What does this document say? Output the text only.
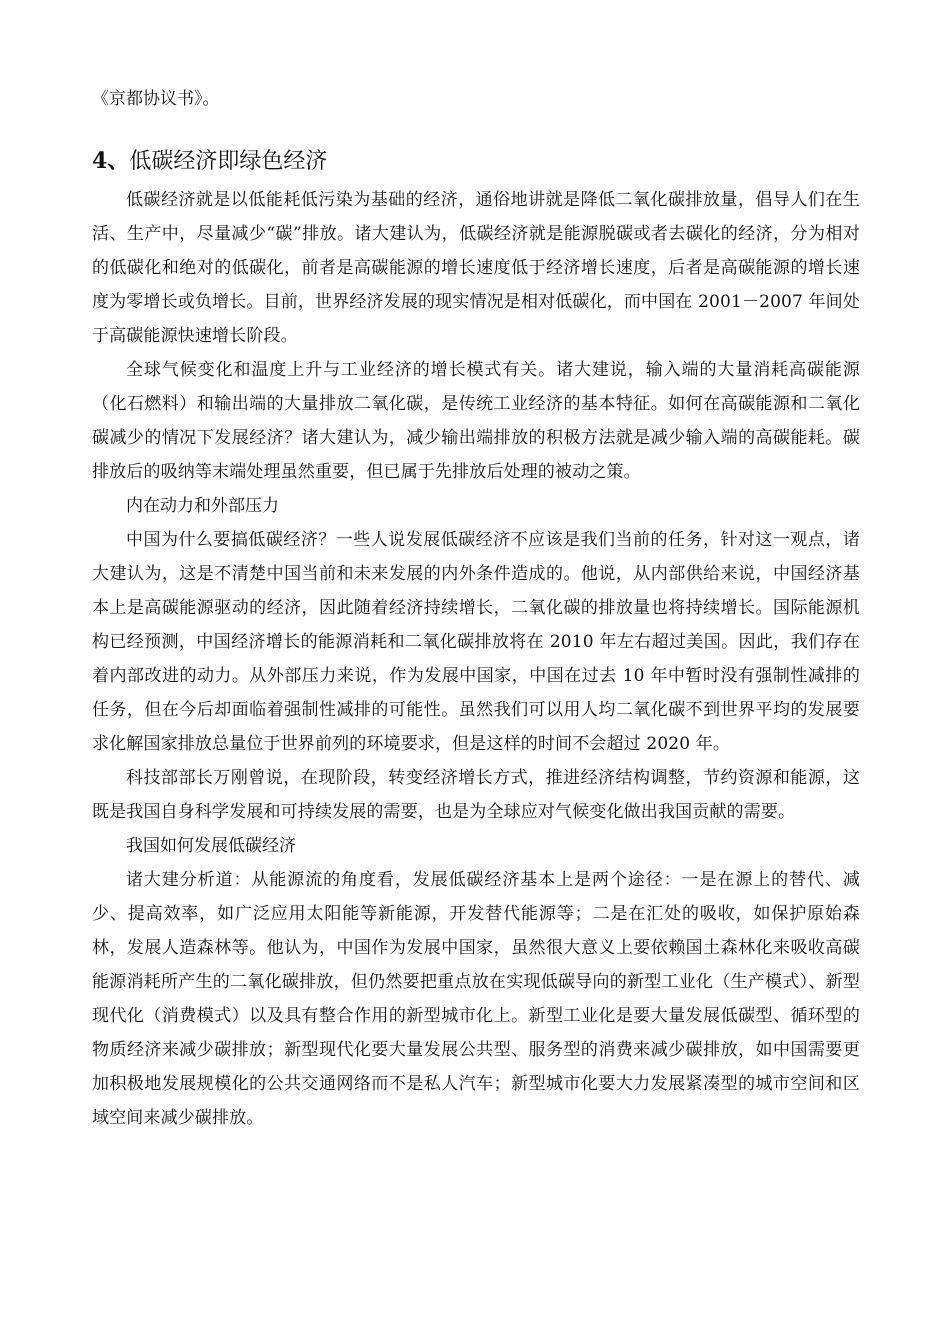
《京都协议书》。

4、低碳经济即绿色经济

低碳经济就是以低能耗低污染为基础的经济，通俗地讲就是降低二氧化碳排放量，倡导人们在生活、生产中，尽量减少“碳”排放。诸大建认为，低碳经济就是能源脱碳或者去碳化的经济，分为相对的低碳化和绝对的低碳化，前者是高碳能源的增长速度低于经济增长速度，后者是高碳能源的增长速度为零增长或负增长。目前，世界经济发展的现实情况是相对低碳化，而中国在 2001－2007 年间处于高碳能源快速增长阶段。

全球气候变化和温度上升与工业经济的增长模式有关。诸大建说，输入端的大量消耗高碳能源（化石燃料）和输出端的大量排放二氧化碳，是传统工业经济的基本特征。如何在高碳能源和二氧化碳减少的情况下发展经济？诸大建认为，减少输出端排放的积极方法就是减少输入端的高碳能耗。碳排放后的吸纳等末端处理虽然重要，但已属于先排放后处理的被动之策。

内在动力和外部压力

中国为什么要搞低碳经济？一些人说发展低碳经济不应该是我们当前的任务，针对这一观点，诸大建认为，这是不清楚中国当前和未来发展的内外条件造成的。他说，从内部供给来说，中国经济基本上是高碳能源驱动的经济，因此随着经济持续增长，二氧化碳的排放量也将持续增长。国际能源机构已经预测，中国经济增长的能源消耗和二氧化碳排放将在 2010 年左右超过美国。因此，我们存在着内部改进的动力。从外部压力来说，作为发展中国家，中国在过去 10 年中暂时没有强制性减排的任务，但在今后却面临着强制性减排的可能性。虽然我们可以用人均二氧化碳不到世界平均的发展要求化解国家排放总量位于世界前列的环境要求，但是这样的时间不会超过 2020 年。

科技部部长万刚曾说，在现阶段，转变经济增长方式，推进经济结构调整，节约资源和能源，这既是我国自身科学发展和可持续发展的需要，也是为全球应对气候变化做出我国贡献的需要。

我国如何发展低碳经济

诸大建分析道：从能源流的角度看，发展低碳经济基本上是两个途径：一是在源上的替代、减少、提高效率，如广泛应用太阳能等新能源，开发替代能源等；二是在汇处的吸收，如保护原始森林，发展人造森林等。他认为，中国作为发展中国家，虽然很大意义上要依赖国土森林化来吸收高碳能源消耗所产生的二氧化碳排放，但仍然要把重点放在实现低碳导向的新型工业化（生产模式）、新型现代化（消费模式）以及具有整合作用的新型城市化上。新型工业化是要大量发展低碳型、循环型的物质经济来减少碳排放；新型现代化要大量发展公共型、服务型的消费来减少碳排放，如中国需要更加积极地发展规模化的公共交通网络而不是私人汽车；新型城市化要大力发展紧凑型的城市空间和区域空间来减少碳排放。
